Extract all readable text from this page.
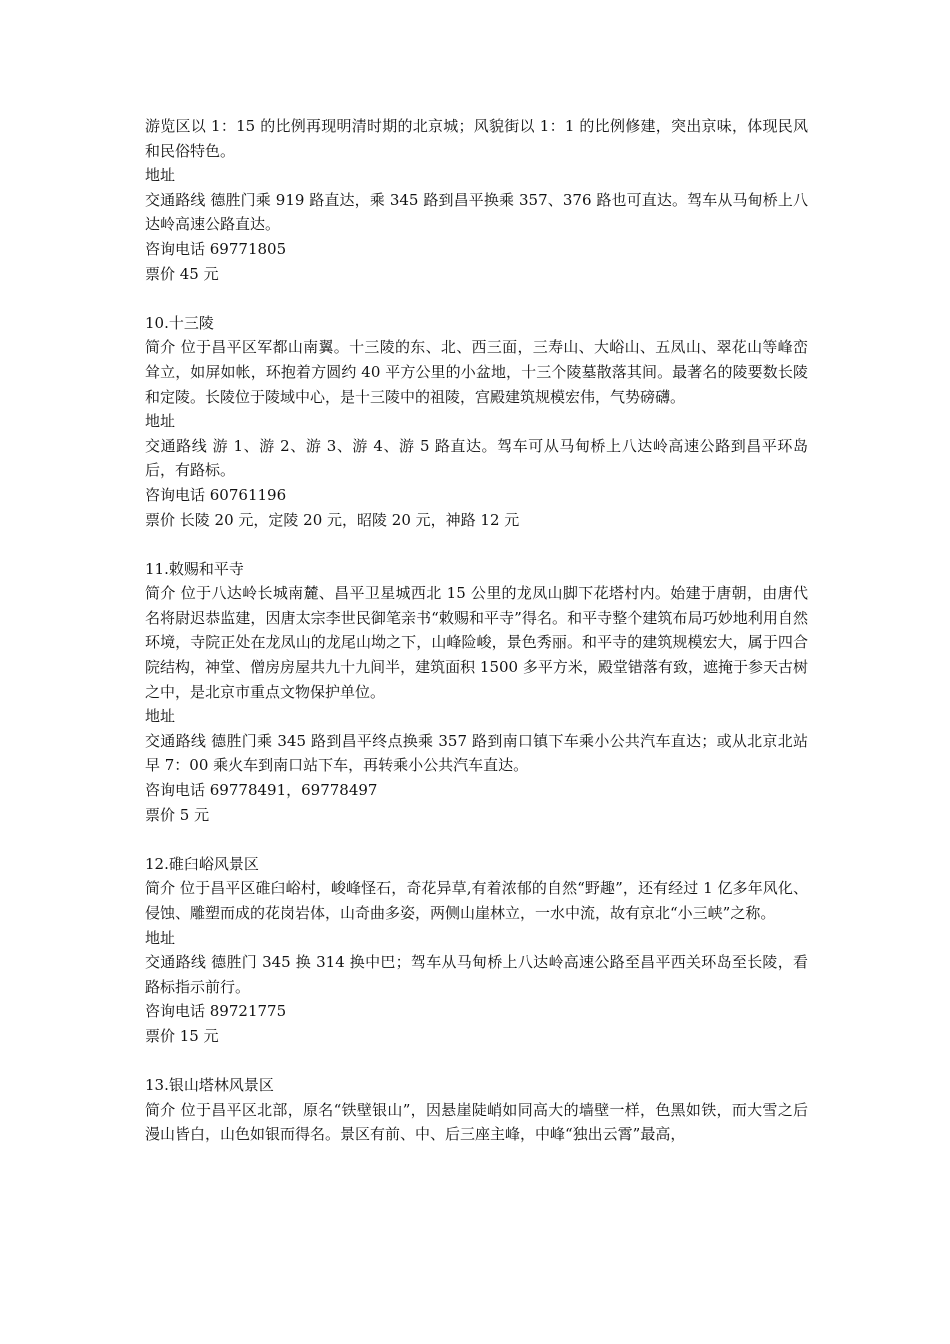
游览区以 1：15 的比例再现明清时期的北京城；风貌街以 1：1 的比例修建，突出京味，体现民风和民俗特色。

地址

交通路线 德胜门乘 919 路直达，乘 345 路到昌平换乘 357、376 路也可直达。驾车从马甸桥上八达岭高速公路直达。

咨询电话 69771805

票价 45 元

10.十三陵

简介 位于昌平区军都山南翼。十三陵的东、北、西三面，三寿山、大峪山、五凤山、翠花山等峰峦耸立，如屏如帐，环抱着方圆约 40 平方公里的小盆地，十三个陵墓散落其间。最著名的陵要数长陵和定陵。长陵位于陵域中心，是十三陵中的祖陵，宫殿建筑规模宏伟，气势磅礴。

地址

交通路线 游 1、游 2、游 3、游 4、游 5 路直达。驾车可从马甸桥上八达岭高速公路到昌平环岛后，有路标。

咨询电话 60761196

票价 长陵 20 元，定陵 20 元，昭陵 20 元，神路 12 元

11.敕赐和平寺

简介 位于八达岭长城南麓、昌平卫星城西北 15 公里的龙凤山脚下花塔村内。始建于唐朝，由唐代名将尉迟恭监建，因唐太宗李世民御笔亲书“敕赐和平寺”得名。和平寺整个建筑布局巧妙地利用自然环境，寺院正处在龙凤山的龙尾山坳之下，山峰险峻，景色秀丽。和平寺的建筑规模宏大，属于四合院结构，神堂、僧房房屋共九十九间半，建筑面积 1500 多平方米，殿堂错落有致，遮掩于参天古树之中，是北京市重点文物保护单位。

地址

交通路线 德胜门乘 345 路到昌平终点换乘 357 路到南口镇下车乘小公共汽车直达；或从北京北站早 7：00 乘火车到南口站下车，再转乘小公共汽车直达。

咨询电话 69778491，69778497

票价 5 元

12.碓臼峪风景区

简介 位于昌平区碓臼峪村，峻峰怪石，奇花异草,有着浓郁的自然“野趣”，还有经过 1 亿多年风化、侵蚀、雕塑而成的花岗岩体，山奇曲多姿，两侧山崖林立，一水中流，故有京北“小三峡”之称。

地址

交通路线 德胜门 345 换 314 换中巴；驾车从马甸桥上八达岭高速公路至昌平西关环岛至长陵，看路标指示前行。

咨询电话 89721775

票价 15 元

13.银山塔林风景区

简介 位于昌平区北部，原名“铁壁银山”，因悬崖陡峭如同高大的墙壁一样，色黑如铁，而大雪之后漫山皆白，山色如银而得名。景区有前、中、后三座主峰，中峰“独出云霄”最高，
